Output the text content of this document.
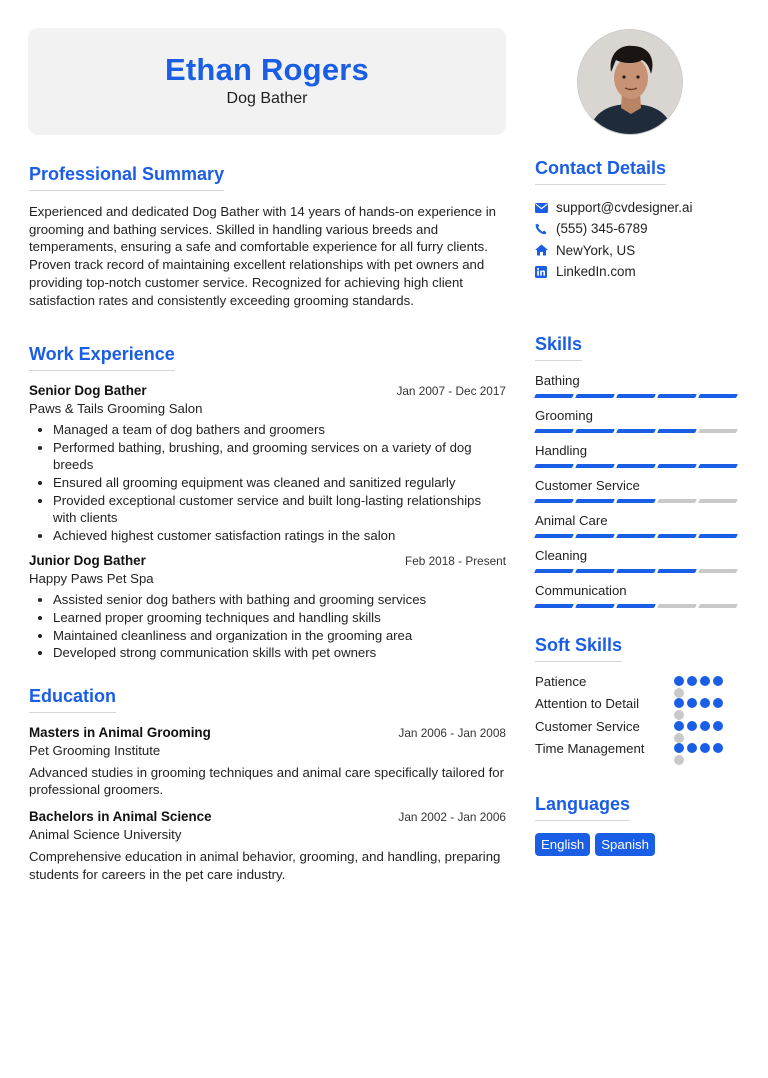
Ethan Rogers
Dog Bather
Professional Summary

Experienced and dedicated Dog Bather with 14 years of hands-on experience in grooming and bathing services. Skilled in handling various breeds and temperaments, ensuring a safe and comfortable experience for all furry clients. Proven track record of maintaining excellent relationships with pet owners and providing top-notch customer service. Recognized for achieving high client satisfaction rates and consistently exceeding grooming standards.

Work Experience
Senior Dog Bather	Jan 2007 - Dec 2017
Paws & Tails Grooming Salon
• Managed a team of dog bathers and groomers
• Performed bathing, brushing, and grooming services on a variety of dog breeds
• Ensured all grooming equipment was cleaned and sanitized regularly
• Provided exceptional customer service and built long-lasting relationships with clients
• Achieved highest customer satisfaction ratings in the salon
Junior Dog Bather	Feb 2018 - Present
Happy Paws Pet Spa
• Assisted senior dog bathers with bathing and grooming services
• Learned proper grooming techniques and handling skills
• Maintained cleanliness and organization in the grooming area
• Developed strong communication skills with pet owners
Education
Masters in Animal Grooming	Jan 2006 - Jan 2008
Pet Grooming Institute

Advanced studies in grooming techniques and animal care specifically tailored for professional groomers.

Bachelors in Animal Science	Jan 2002 - Jan 2006
Animal Science University

Comprehensive education in animal behavior, grooming, and handling, preparing students for careers in the pet care industry.

Contact Details
support@cvdesigner.ai
(555) 345-6789
NewYork, US
LinkedIn.com
Skills
Bathing
Grooming
Handling
Customer Service
Animal Care
Cleaning
Communication
Soft Skills
Patience
Attention to Detail
Customer Service
Time Management
Languages
English	Spanish
